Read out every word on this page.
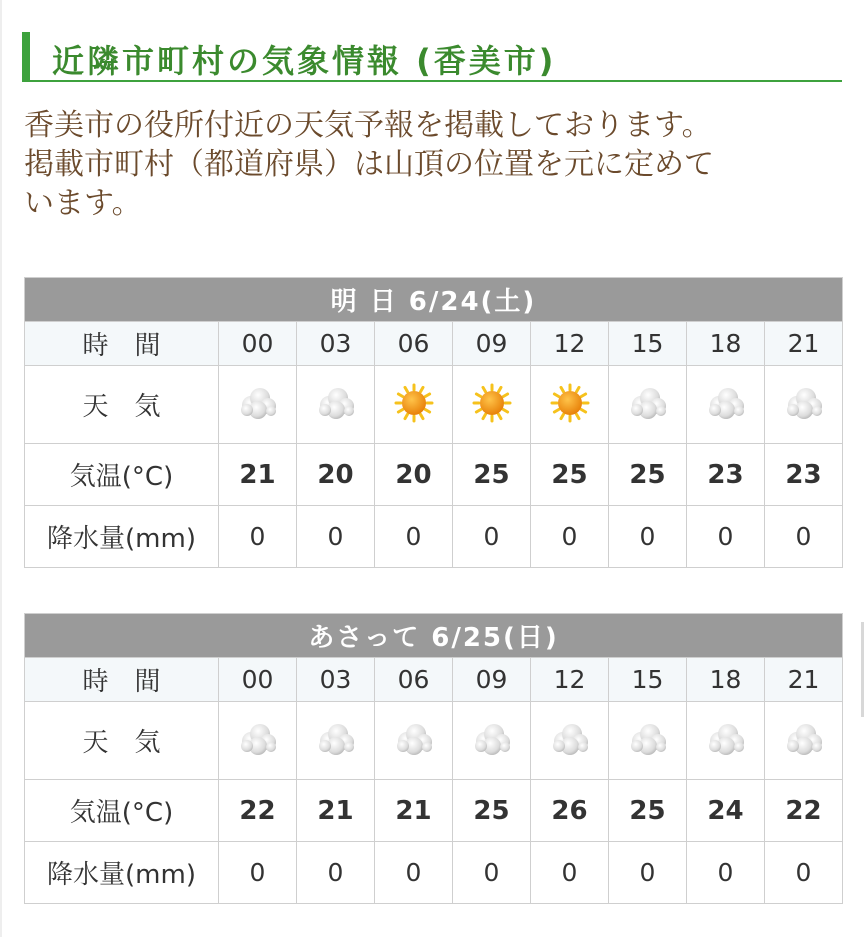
近隣市町村の気象情報 (香美市)
香美市の役所付近の天気予報を掲載しております。
掲載市町村（都道府県）は山頂の位置を元に定めて
います。
明 日 6/24(土)								
時　間	00	03	06	09	12	15	18	21
天　気								
気温(°C)	21	20	20	25	25	25	23	23
降水量(mm)	0	0	0	0	0	0	0	0
あさって 6/25(日)								
時　間	00	03	06	09	12	15	18	21
天　気								
気温(°C)	22	21	21	25	26	25	24	22
降水量(mm)	0	0	0	0	0	0	0	0
